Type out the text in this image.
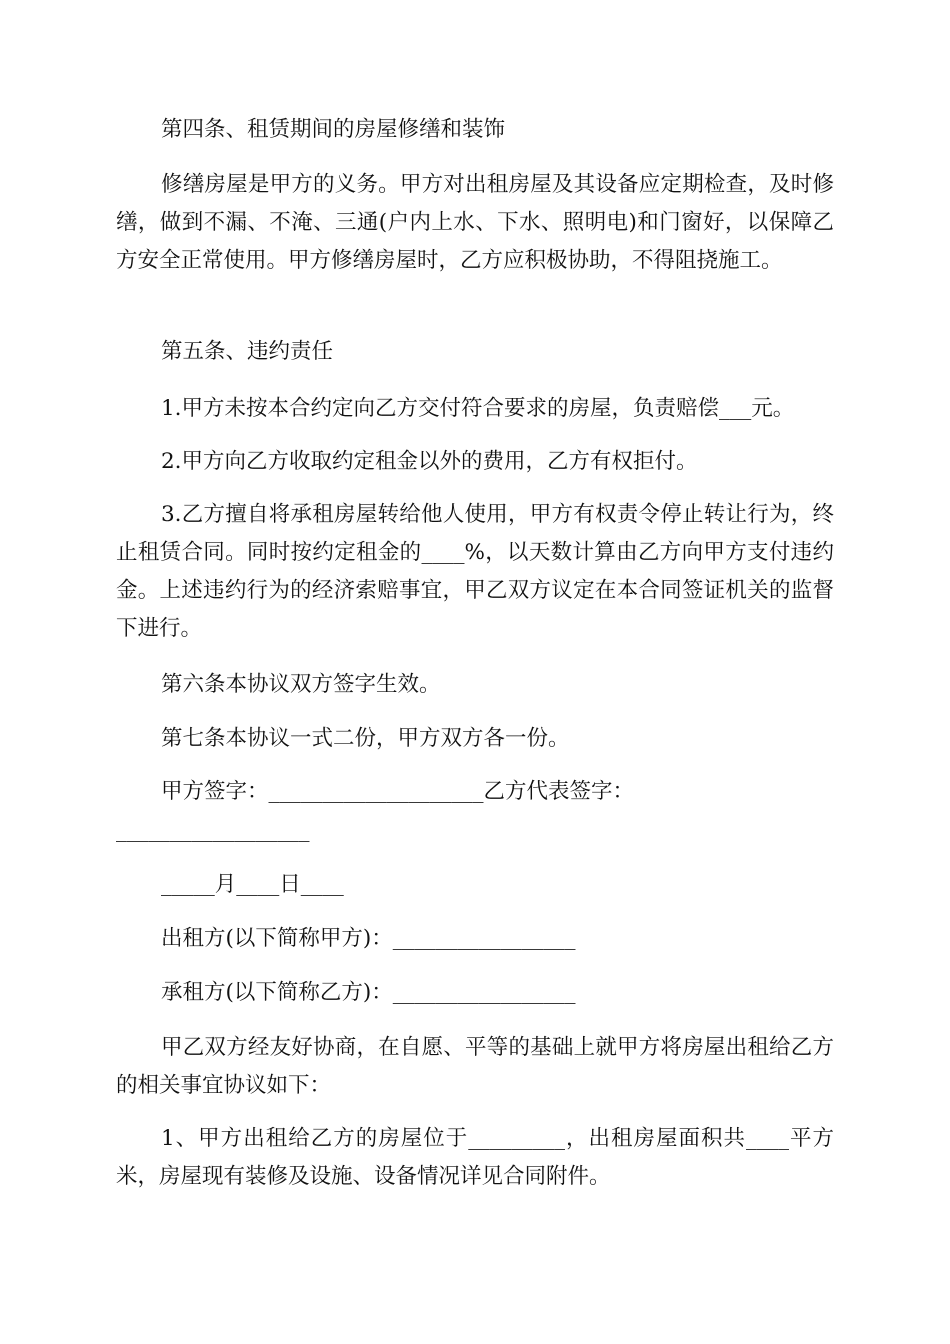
第四条、租赁期间的房屋修缮和装饰

修缮房屋是甲方的义务。甲方对出租房屋及其设备应定期检查，及时修缮，做到不漏、不淹、三通(户内上水、下水、照明电)和门窗好，以保障乙方安全正常使用。甲方修缮房屋时，乙方应积极协助，不得阻挠施工。

第五条、违约责任

1.甲方未按本合约定向乙方交付符合要求的房屋，负责赔偿___元。

2.甲方向乙方收取约定租金以外的费用，乙方有权拒付。

3.乙方擅自将承租房屋转给他人使用，甲方有权责令停止转让行为，终止租赁合同。同时按约定租金的____%，以天数计算由乙方向甲方支付违约金。上述违约行为的经济索赔事宜，甲乙双方议定在本合同签证机关的监督下进行。

第六条本协议双方签字生效。

第七条本协议一式二份，甲方双方各一份。

甲方签字：____________________乙方代表签字：

__________________

_____月____日____

出租方(以下简称甲方)：_________________

承租方(以下简称乙方)：_________________

甲乙双方经友好协商，在自愿、平等的基础上就甲方将房屋出租给乙方的相关事宜协议如下：

1、甲方出租给乙方的房屋位于_________，出租房屋面积共____平方米，房屋现有装修及设施、设备情况详见合同附件。
